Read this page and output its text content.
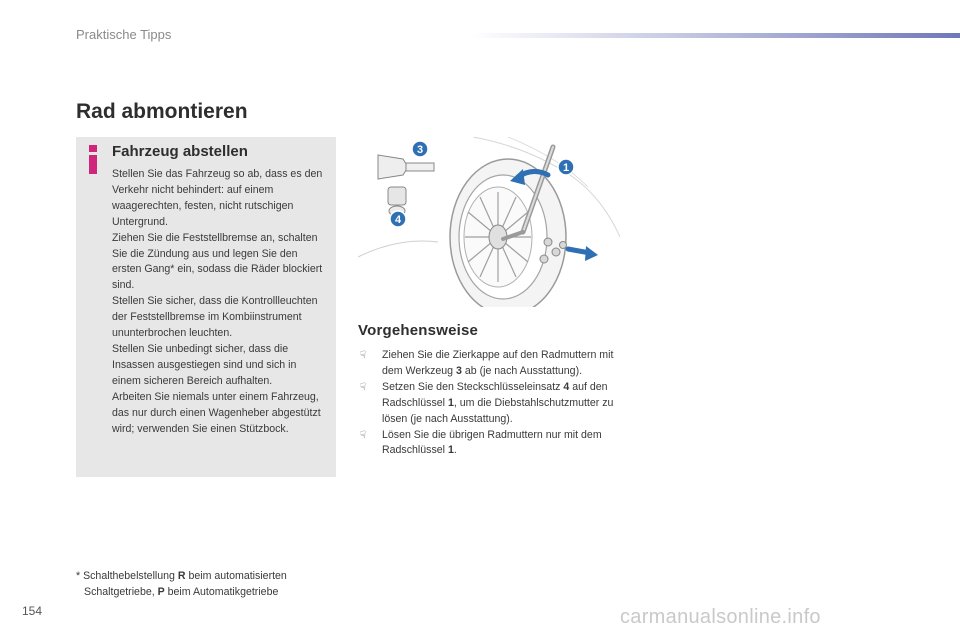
Praktische Tipps
Rad abmontieren
Fahrzeug abstellen

Stellen Sie das Fahrzeug so ab, dass es den Verkehr nicht behindert: auf einem waagerechten, festen, nicht rutschigen Untergrund.

Ziehen Sie die Feststellbremse an, schalten Sie die Zündung aus und legen Sie den ersten Gang* ein, sodass die Räder blockiert sind.

Stellen Sie sicher, dass die Kontrollleuchten der Feststellbremse im Kombiinstrument ununterbrochen leuchten.

Stellen Sie unbedingt sicher, dass die Insassen ausgestiegen sind und sich in einem sicheren Bereich aufhalten.

Arbeiten Sie niemals unter einem Fahrzeug, das nur durch einen Wagenheber abgestützt wird; verwenden Sie einen Stützbock.

1
3
4
Vorgehensweise
☟ Ziehen Sie die Zierkappe auf den Radmuttern mit dem Werkzeug 3 ab (je nach Ausstattung).
☟ Setzen Sie den Steckschlüsseleinsatz 4 auf den Radschlüssel 1, um die Diebstahlschutzmutter zu lösen (je nach Ausstattung).
☟ Lösen Sie die übrigen Radmuttern nur mit dem Radschlüssel 1.
* Schalthebelstellung R beim automatisierten
Schaltgetriebe, P beim Automatikgetriebe
154	carmanualsonline.info
